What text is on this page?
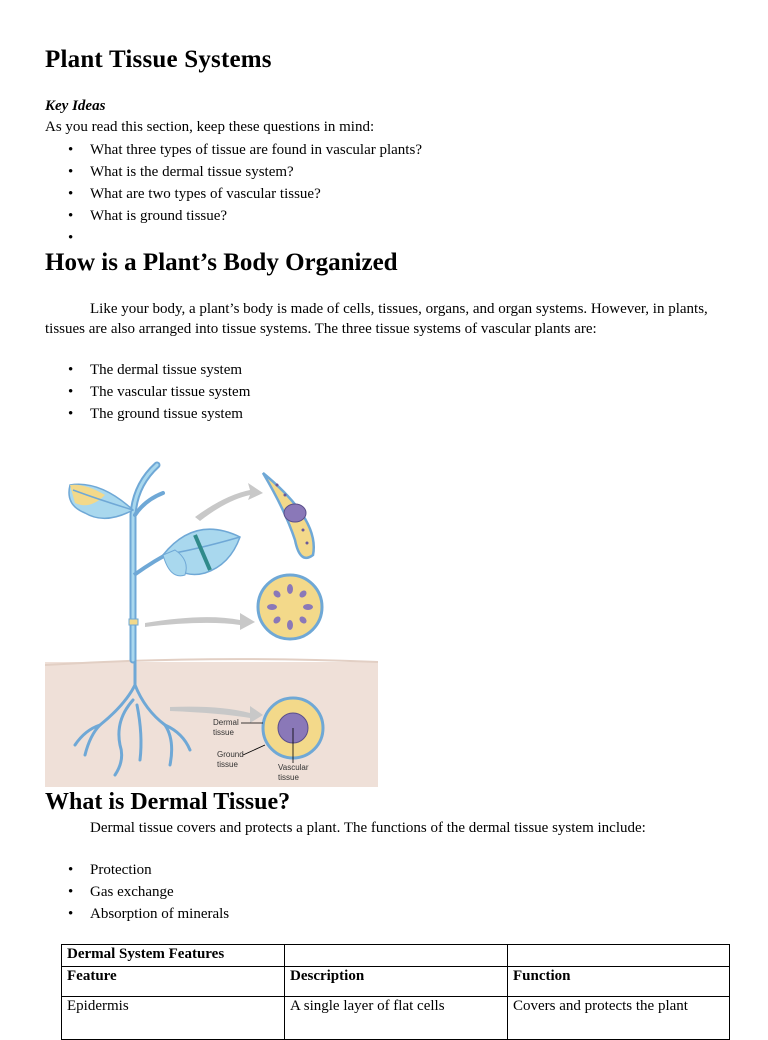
Plant Tissue Systems
Key Ideas
As you read this section, keep these questions in mind:
• What three types of tissue are found in vascular plants?
• What is the dermal tissue system?
• What are two types of vascular tissue?
• What is ground tissue?
•
How is a Plant’s Body Organized
Like your body, a plant’s body is made of cells, tissues, organs, and organ systems. However, in plants, tissues are also arranged into tissue systems. The three tissue systems of vascular plants are:
• The dermal tissue system
• The vascular tissue system
• The ground tissue system
What is Dermal Tissue?
Dermal tissue covers and protects a plant. The functions of the dermal tissue system include:
• Protection
• Gas exchange
• Absorption of minerals
Dermal
tissue
Ground
tissue	Vascular
tissue
Dermal System Features		
Feature	Description	Function
Epidermis	A single layer of flat cells	Covers and protects the plant
